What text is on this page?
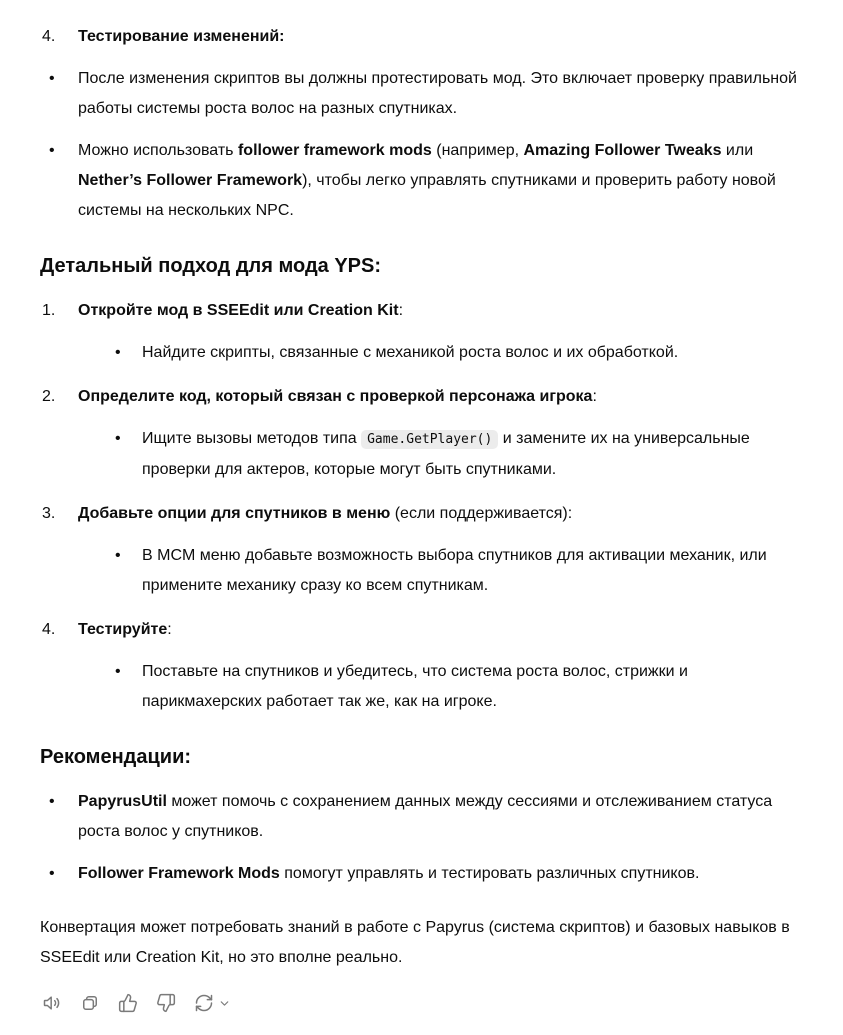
4.	Тестирование изменений:
•	После изменения скриптов вы должны протестировать мод. Это включает проверку правильной работы системы роста волос на разных спутниках.
•	Можно использовать follower framework mods (например, Amazing Follower Tweaks или Nether’s Follower Framework), чтобы легко управлять спутниками и проверить работу новой системы на нескольких NPC.
Детальный подход для мода YPS:
1.	Откройте мод в SSEEdit или Creation Kit:
•	Найдите скрипты, связанные с механикой роста волос и их обработкой.
2.	Определите код, который связан с проверкой персонажа игрока:
•	Ищите вызовы методов типа Game.GetPlayer() и замените их на универсальные проверки для актеров, которые могут быть спутниками.
3.	Добавьте опции для спутников в меню (если поддерживается):
•	В MCM меню добавьте возможность выбора спутников для активации механик, или примените механику сразу ко всем спутникам.
4.	Тестируйте:
•	Поставьте на спутников и убедитесь, что система роста волос, стрижки и парикмахерских работает так же, как на игроке.
Рекомендации:
•	PapyrusUtil может помочь с сохранением данных между сессиями и отслеживанием статуса роста волос у спутников.
•	Follower Framework Mods помогут управлять и тестировать различных спутников.

Конвертация может потребовать знаний в работе с Papyrus (система скриптов) и базовых навыков в SSEEdit или Creation Kit, но это вполне реально.
